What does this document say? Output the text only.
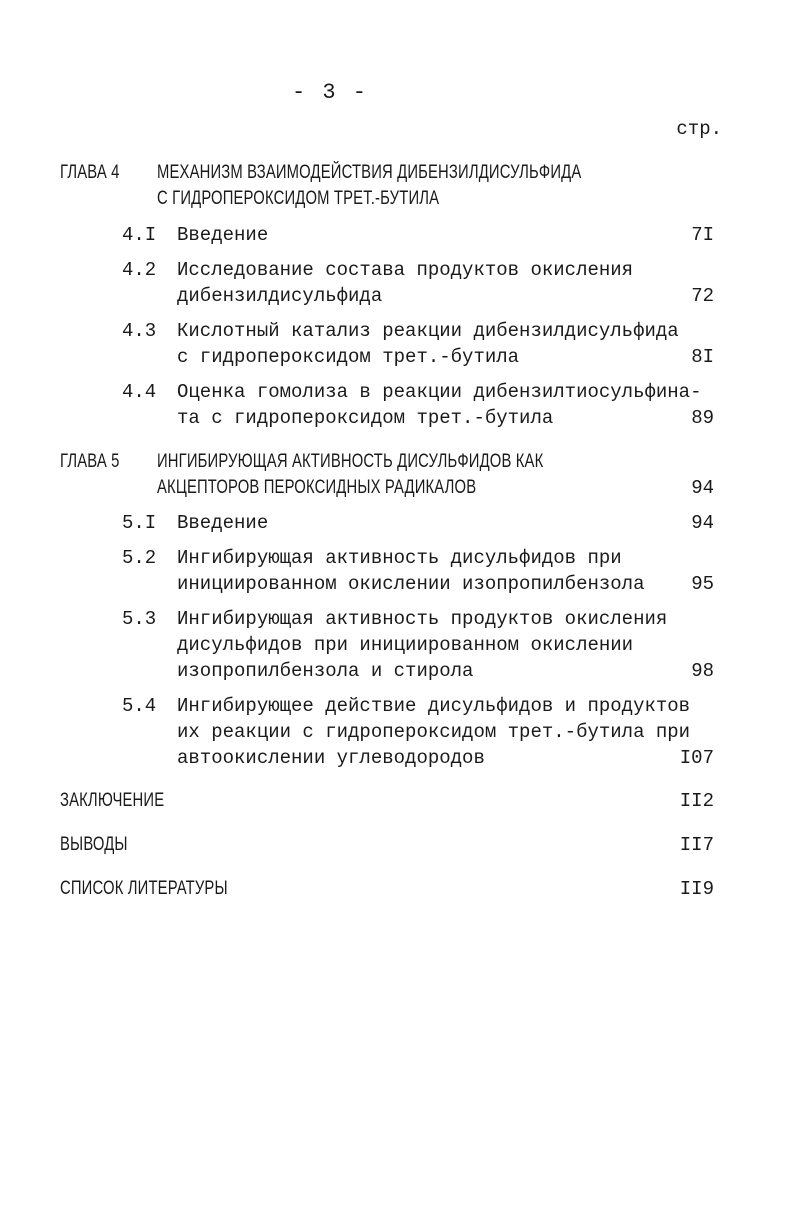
- 3 -
стр.
ГЛАВА 4 МЕХАНИЗМ ВЗАИМОДЕЙСТВИЯ ДИБЕНЗИЛДИСУЛЬФИДА
С ГИДРОПЕРОКСИДОМ ТРЕТ.-БУТИЛА
4.I Введение	7I
4.2 Исследование состава продуктов окисления
дибензилдисульфида	72
4.3 Кислотный катализ реакции дибензилдисульфида
с гидропероксидом трет.-бутила	8I
4.4 Оценка гомолиза в реакции дибензилтиосульфина-
та с гидропероксидом трет.-бутила	89
ГЛАВА 5 ИНГИБИРУЮЩАЯ АКТИВНОСТЬ ДИСУЛЬФИДОВ КАК
АКЦЕПТОРОВ ПЕРОКСИДНЫХ РАДИКАЛОВ	94
5.I Введение	94
5.2 Ингибирующая активность дисульфидов при
инициированном окислении изопропилбензола 95
5.3 Ингибирующая активность продуктов окисления
дисульфидов при инициированном окислении
изопропилбензола и стирола	98
5.4 Ингибирующее действие дисульфидов и продуктов
их реакции с гидропероксидом трет.-бутила при
автоокислении углеводородов	I07
ЗАКЛЮЧЕНИЕ	II2
ВЫВОДЫ	II7
СПИСОК ЛИТЕРАТУРЫ	II9
